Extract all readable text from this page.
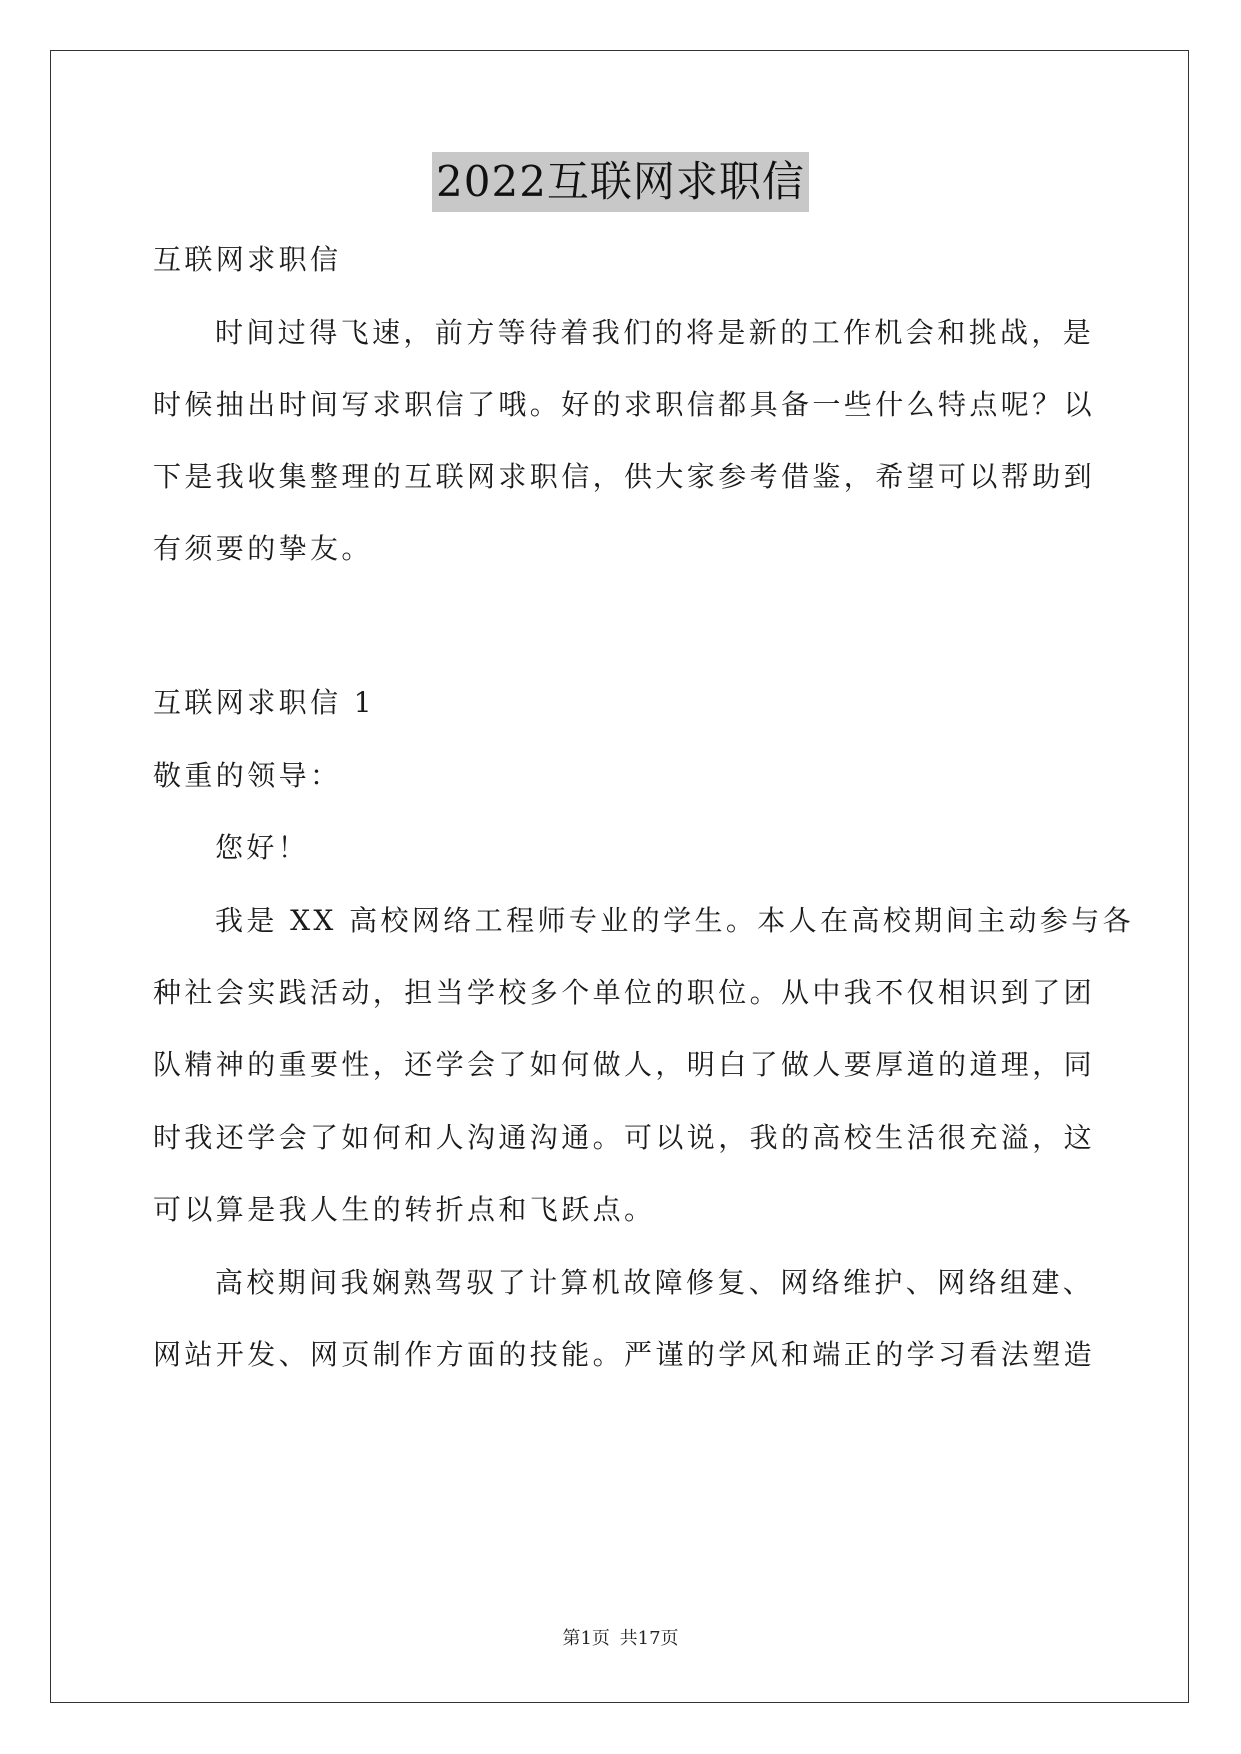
2022互联网求职信
互联网求职信
时间过得飞速，前方等待着我们的将是新的工作机会和挑战，是
时候抽出时间写求职信了哦。好的求职信都具备一些什么特点呢？以
下是我收集整理的互联网求职信，供大家参考借鉴，希望可以帮助到
有须要的挚友。
互联网求职信 1
敬重的领导：
您好！
我是 XX 高校网络工程师专业的学生。本人在高校期间主动参与各
种社会实践活动，担当学校多个单位的职位。从中我不仅相识到了团
队精神的重要性，还学会了如何做人，明白了做人要厚道的道理，同
时我还学会了如何和人沟通沟通。可以说，我的高校生活很充溢，这
可以算是我人生的转折点和飞跃点。
高校期间我娴熟驾驭了计算机故障修复、网络维护、网络组建、
网站开发、网页制作方面的技能。严谨的学风和端正的学习看法塑造
第1页 共17页
